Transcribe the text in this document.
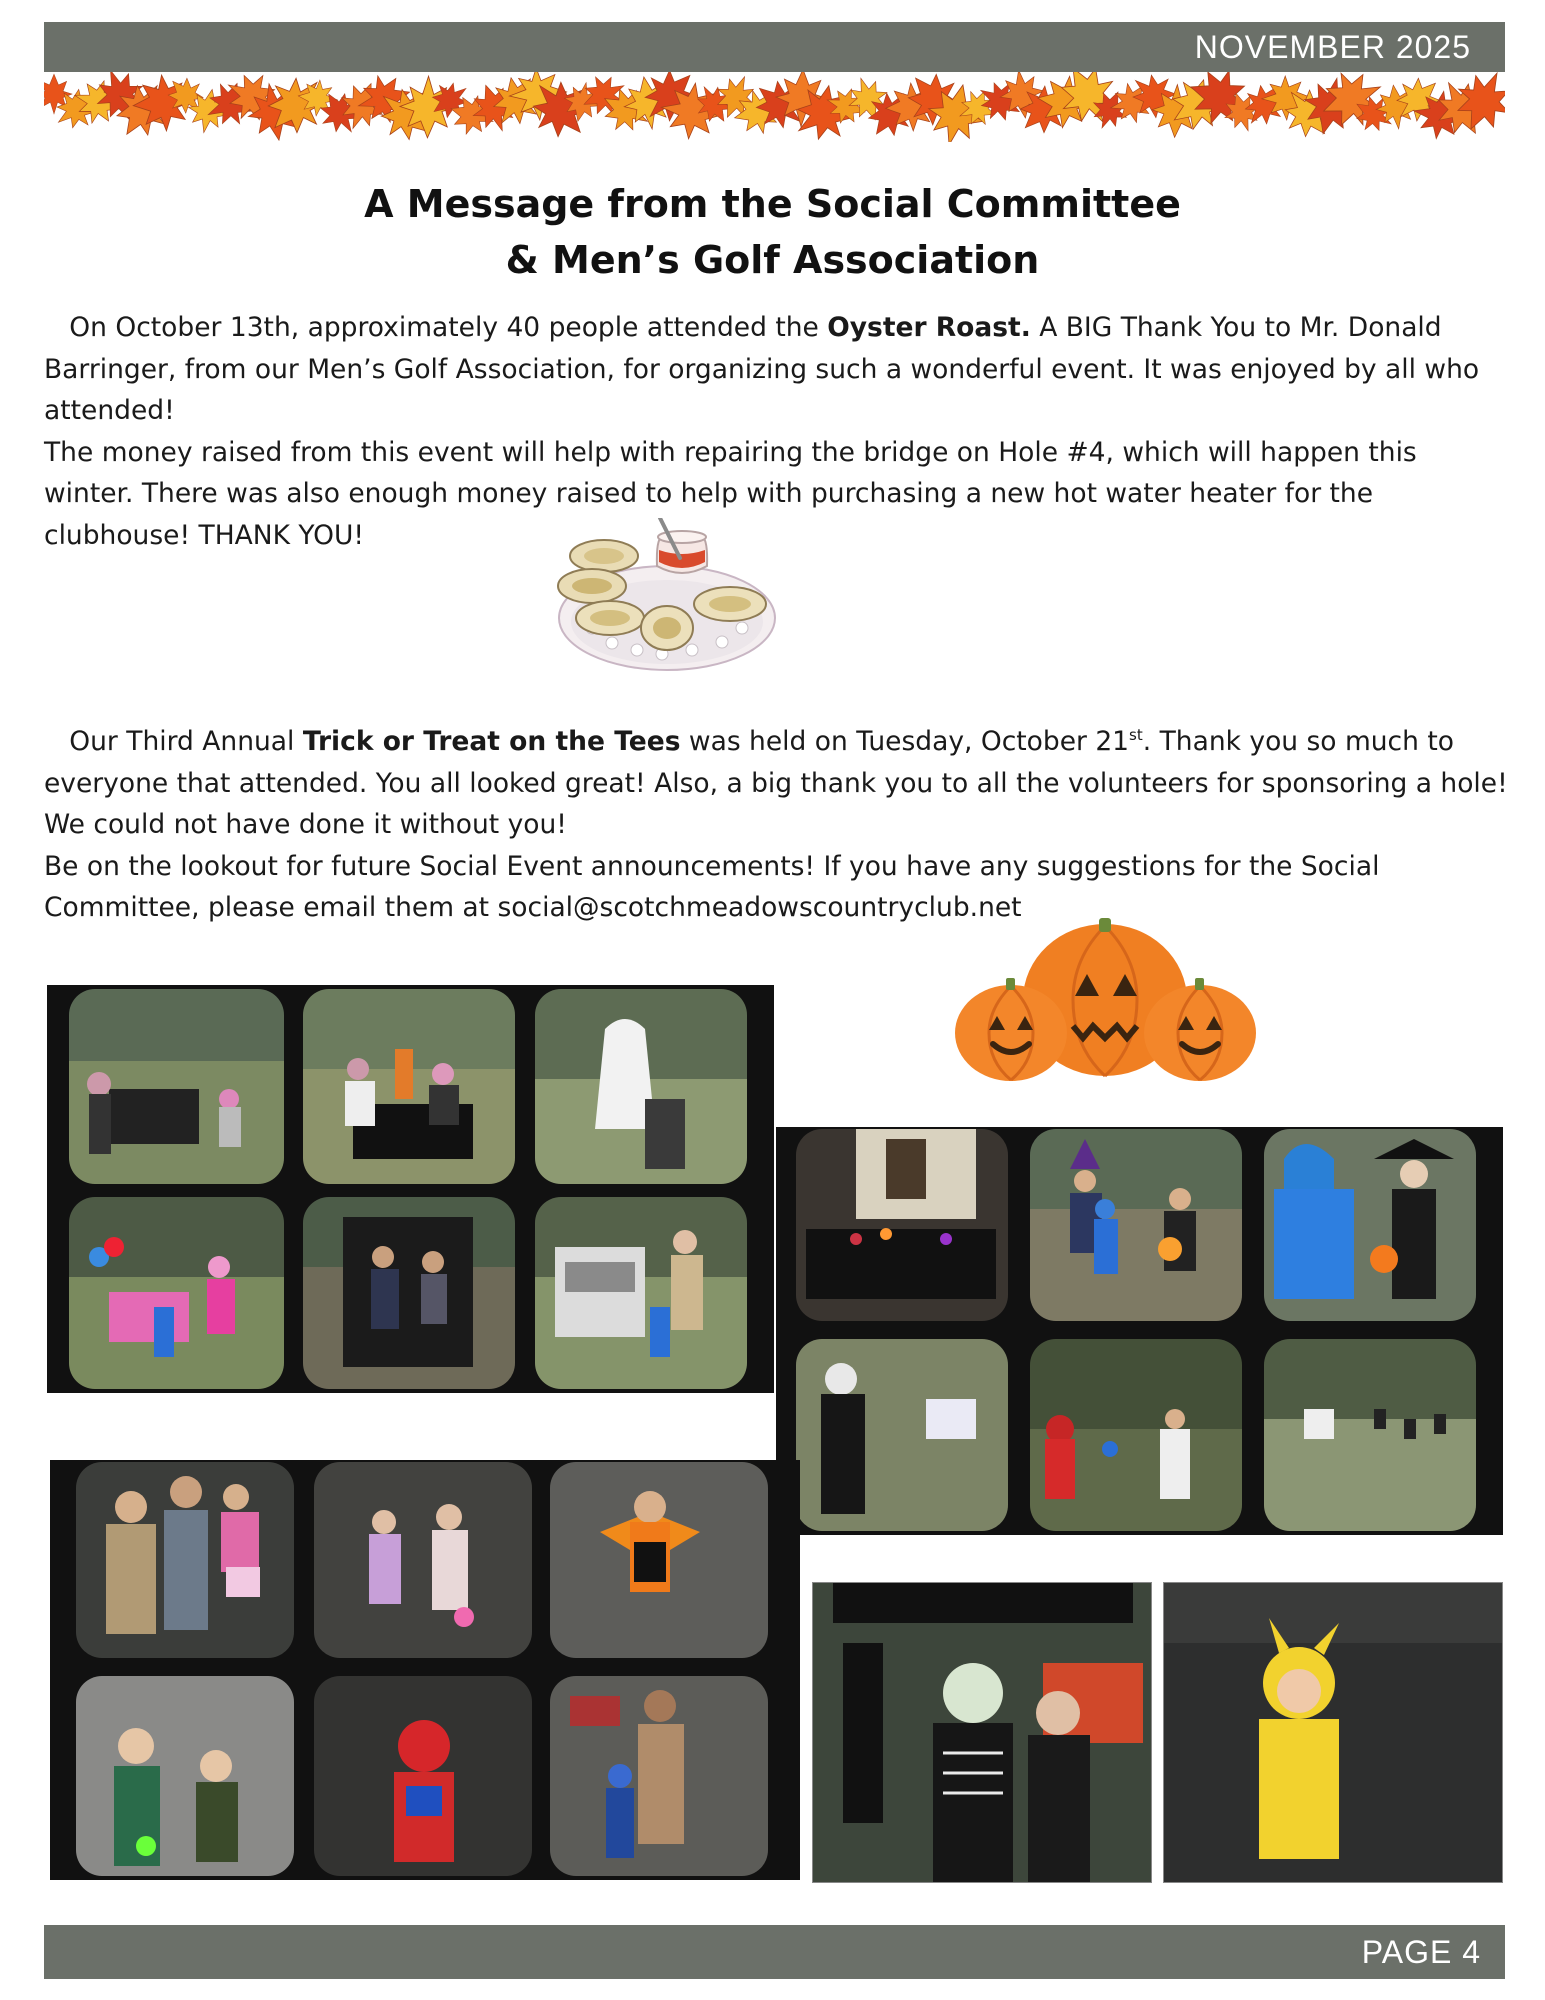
NOVEMBER 2025
A Message from the Social Committee
& Men’s Golf Association

On October 13th, approximately 40 people attended the Oyster Roast. A BIG Thank You to Mr. Donald Barringer, from our Men’s Golf Association, for organizing such a wonderful event. It was enjoyed by all who attended!

The money raised from this event will help with repairing the bridge on Hole #4, which will happen this winter. There was also enough money raised to help with purchasing a new hot water heater for the clubhouse! THANK YOU!

Our Third Annual Trick or Treat on the Tees was held on Tuesday, October 21st. Thank you so much to everyone that attended. You all looked great! Also, a big thank you to all the volunteers for sponsoring a hole! We could not have done it without you!

Be on the lookout for future Social Event announcements! If you have any suggestions for the Social Committee, please email them at social@scotchmeadowscountryclub.net

PAGE 4
